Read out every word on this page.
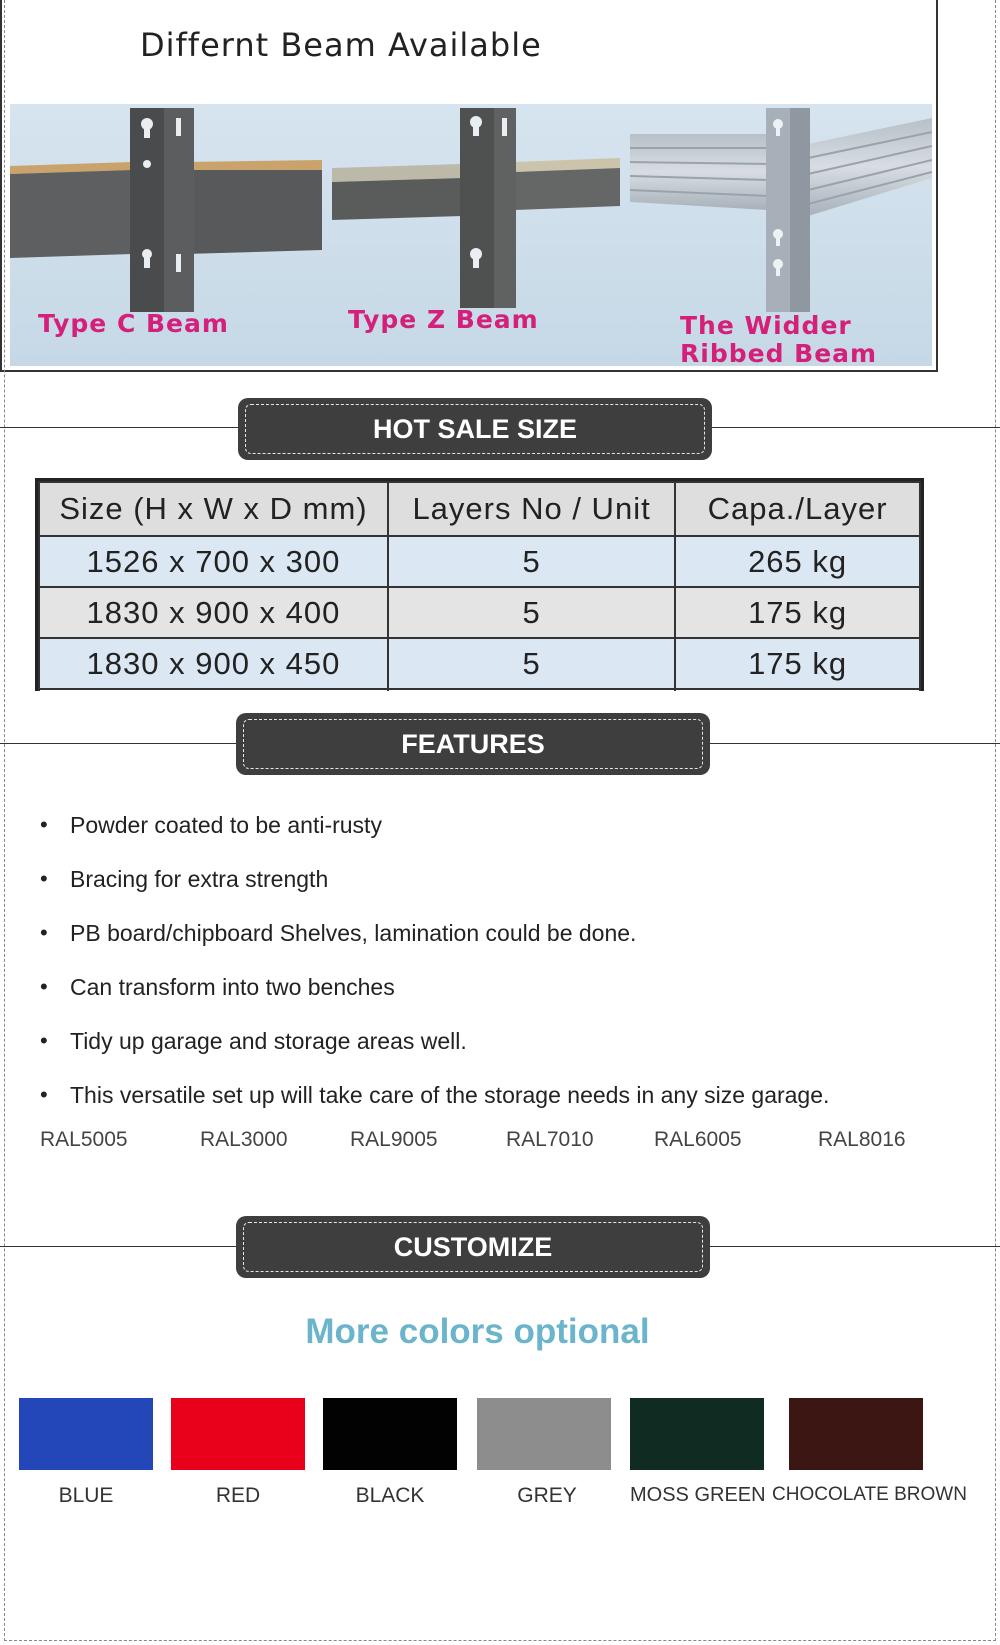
Differnt Beam Available
Type C Beam	Type Z Beam	The Widder Ribbed Beam
HOT SALE SIZE
Size (H x W x D mm)	Layers No / Unit	Capa./Layer
1526 x 700 x 300	5	265 kg
1830 x 900 x 400	5	175 kg
1830 x 900 x 450	5	175 kg

FEATURES
• Powder coated to be anti-rusty
• Bracing for extra strength
• PB board/chipboard Shelves, lamination could be done.
• Can transform into two benches
• Tidy up garage and storage areas well.
• This versatile set up will take care of the storage needs in any size garage.
RAL5005	RAL3000	RAL9005	RAL7010	RAL6005	RAL8016
CUSTOMIZE
More colors optional
BLUE	RED	BLACK	GREY	MOSS GREEN CHOCOLATE BROWN
